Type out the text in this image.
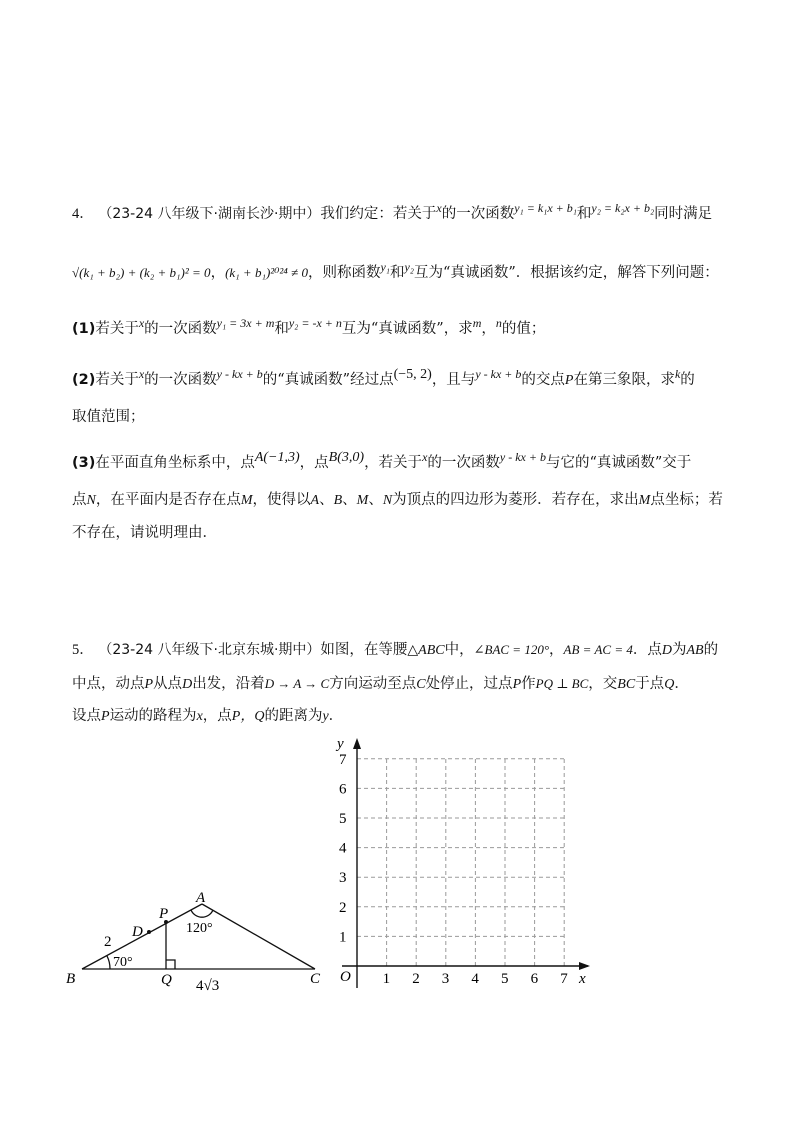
4． （23-24 八年级下·湖南长沙·期中）我们约定：若关于$^x$的一次函数$^{y_1 = k_1x + b_1}$和$^{y_2 = k_2x + b_2}$同时满足
√(k₁ + b₂) + (k₂ + b₁)² = 0，(k₁ + b₁)²⁰²⁴ ≠ 0，则称函数$^{y_1}$和$^{y_2}$互为“真诚函数”．根据该约定，解答下列问题：
(1)若关于$^x$的一次函数$^{y_1 = 3x + m}$和$^{y_2 = -x + n}$互为“真诚函数”，求$^m$，$^n$的值；
(2)若关于$^x$的一次函数$^{y - kx + b}$的“真诚函数”经过点$^{(-5, 2)}$，且与$^{y - kx + b}$的交点P在第三象限，求$^k$的
取值范围；
(3)在平面直角坐标系中，点$^{A(-1,3)}$，点$^{B(3,0)}$，若关于$^x$的一次函数$^{y - kx + b}$与它的“真诚函数”交于
点N，在平面内是否存在点M，使得以A、B、M、N为顶点的四边形为菱形．若存在，求出M点坐标；若
不存在，请说明理由．
5． （23-24 八年级下·北京东城·期中）如图，在等腰△ABC中，∠BAC = 120°，AB = AC = 4．点D为AB的
中点，动点P从点D出发，沿着D → A → C方向运动至点C处停止，过点P作PQ ⊥ BC，交BC于点Q．
设点P运动的路程为x，点P，Q的距离为y．
A
B	C
D
P
Q
2
70°
120°
4√3
O	x
y
1 2 3 4 5 6 7
1
2
3
4
5
6
7
